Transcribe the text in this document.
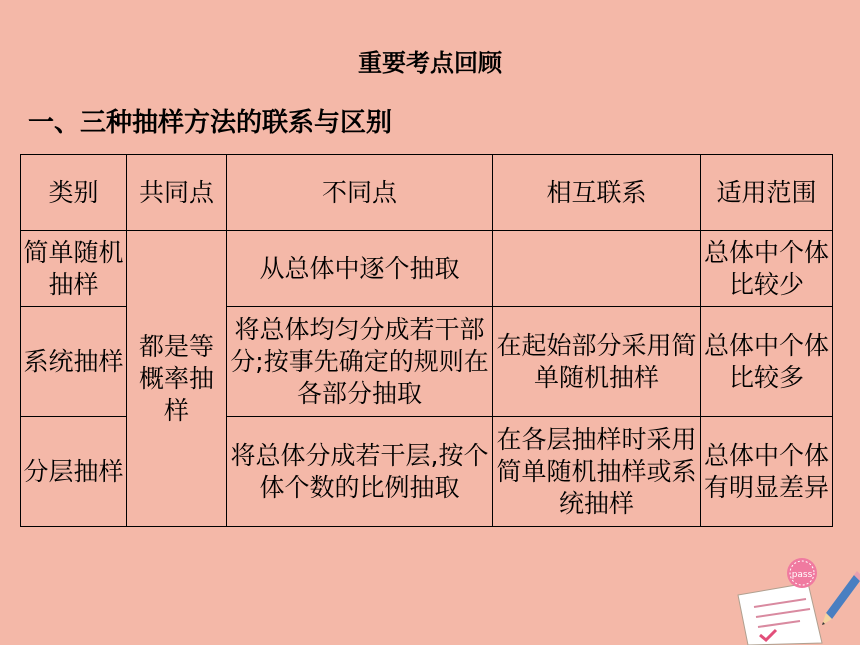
重要考点回顾
一、三种抽样方法的联系与区别
类别	共同点	不同点	相互联系	适用范围
简单随机抽样	都是等概率抽样	从总体中逐个抽取		总体中个体比较少
系统抽样		将总体均匀分成若干部分;按事先确定的规则在各部分抽取	在起始部分采用简单随机抽样	总体中个体比较多
分层抽样		将总体分成若干层,按个体个数的比例抽取	在各层抽样时采用简单随机抽样或系统抽样	总体中个体有明显差异
pass
